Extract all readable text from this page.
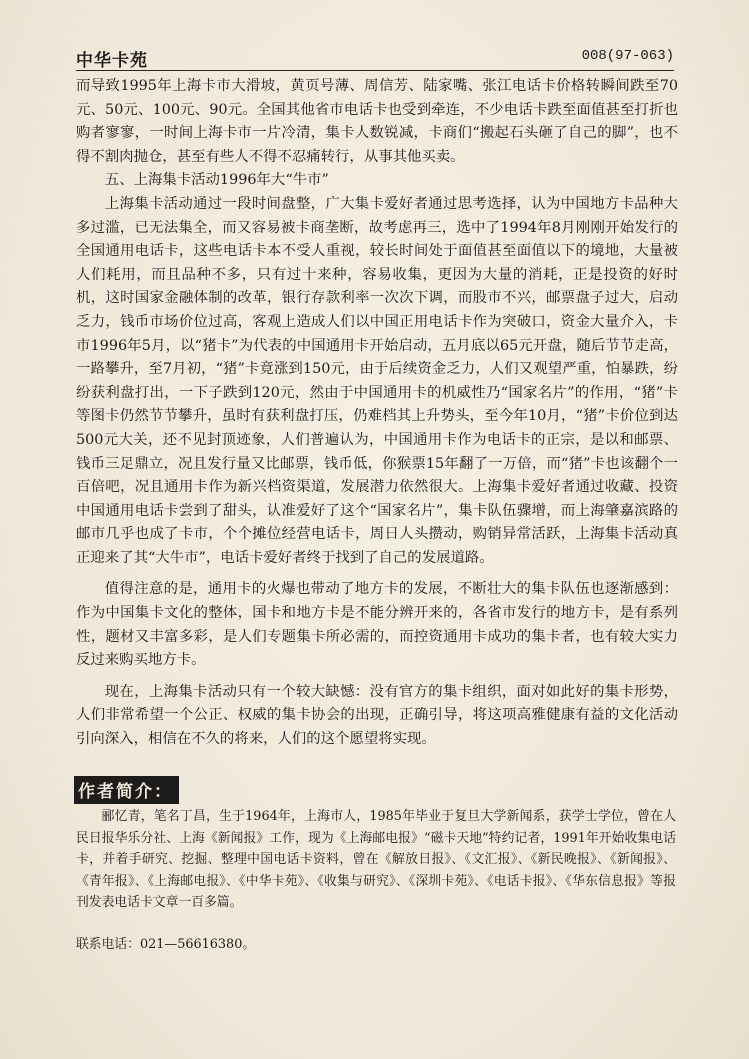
中华卡苑	008(97-063)

而导致1995年上海卡市大滑坡，黄页号薄、周信芳、陆家嘴、张江电话卡价格转瞬间跌至70元、50元、100元、90元。全国其他省市电话卡也受到牵连，不少电话卡跌至面值甚至打折也购者寥寥，一时间上海卡市一片冷清，集卡人数锐减，卡商们“搬起石头砸了自己的脚”，也不得不割肉抛仓，甚至有些人不得不忍痛转行，从事其他买卖。

五、上海集卡活动1996年大“牛市”

上海集卡活动通过一段时间盘整，广大集卡爱好者通过思考选择，认为中国地方卡品种大多过滥，已无法集全，而又容易被卡商垄断，故考虑再三，选中了1994年8月刚刚开始发行的全国通用电话卡，这些电话卡本不受人重视，较长时间处于面值甚至面值以下的境地，大量被人们耗用，而且品种不多，只有过十来种，容易收集，更因为大量的消耗，正是投资的好时机，这时国家金融体制的改革，银行存款利率一次次下调，而股市不兴，邮票盘子过大，启动乏力，钱币市场价位过高，客观上造成人们以中国正用电话卡作为突破口，资金大量介入，卡市1996年5月，以“猪卡”为代表的中国通用卡开始启动，五月底以65元开盘，随后节节走高，一路攀升，至7月初，“猪”卡竟涨到150元，由于后续资金乏力，人们又观望严重，怕暴跌，纷纷获利盘打出，一下子跌到120元，然由于中国通用卡的机威性乃“国家名片”的作用，“猪”卡等图卡仍然节节攀升，虽时有获利盘打压，仍难档其上升势头，至今年10月，“猪”卡价位到达500元大关，还不见封顶迹象，人们普遍认为，中国通用卡作为电话卡的正宗，是以和邮票、钱币三足鼎立，况且发行量又比邮票，钱币低，你猴票15年翻了一万倍，而“猪”卡也该翻个一百倍吧，况且通用卡作为新兴档资渠道，发展潜力依然很大。上海集卡爱好者通过收藏、投资中国通用电话卡尝到了甜头，认准爱好了这个“国家名片”，集卡队伍骤增，而上海肇嘉滨路的邮市几乎也成了卡市，个个摊位经营电话卡，周日人头攒动，购销异常活跃，上海集卡活动真正迎来了其“大牛市”，电话卡爱好者终于找到了自己的发展道路。

值得注意的是，通用卡的火爆也带动了地方卡的发展，不断壮大的集卡队伍也逐渐感到：作为中国集卡文化的整体，国卡和地方卡是不能分辨开来的，各省市发行的地方卡，是有系列性，题材又丰富多彩，是人们专题集卡所必需的，而控资通用卡成功的集卡者，也有较大实力反过来购买地方卡。

现在，上海集卡活动只有一个较大缺憾：没有官方的集卡组织，面对如此好的集卡形势，人们非常希望一个公正、权威的集卡协会的出现，正确引导，将这项高雅健康有益的文化活动引向深入，相信在不久的将来，人们的这个愿望将实现。

作者简介：

郦忆青，笔名丁昌，生于1964年，上海市人，1985年毕业于复旦大学新闻系，获学士学位，曾在人民日报华乐分社、上海《新闻报》工作，现为《上海邮电报》“磁卡天地”特约记者，1991年开始收集电话卡，并着手研究、挖掘、整理中国电话卡资料，曾在《解放日报》、《文汇报》、《新民晚报》、《新闻报》、《青年报》、《上海邮电报》、《中华卡苑》、《收集与研究》、《深圳卡苑》、《电话卡报》、《华东信息报》等报刊发表电话卡文章一百多篇。

联系电话：021—56616380。
